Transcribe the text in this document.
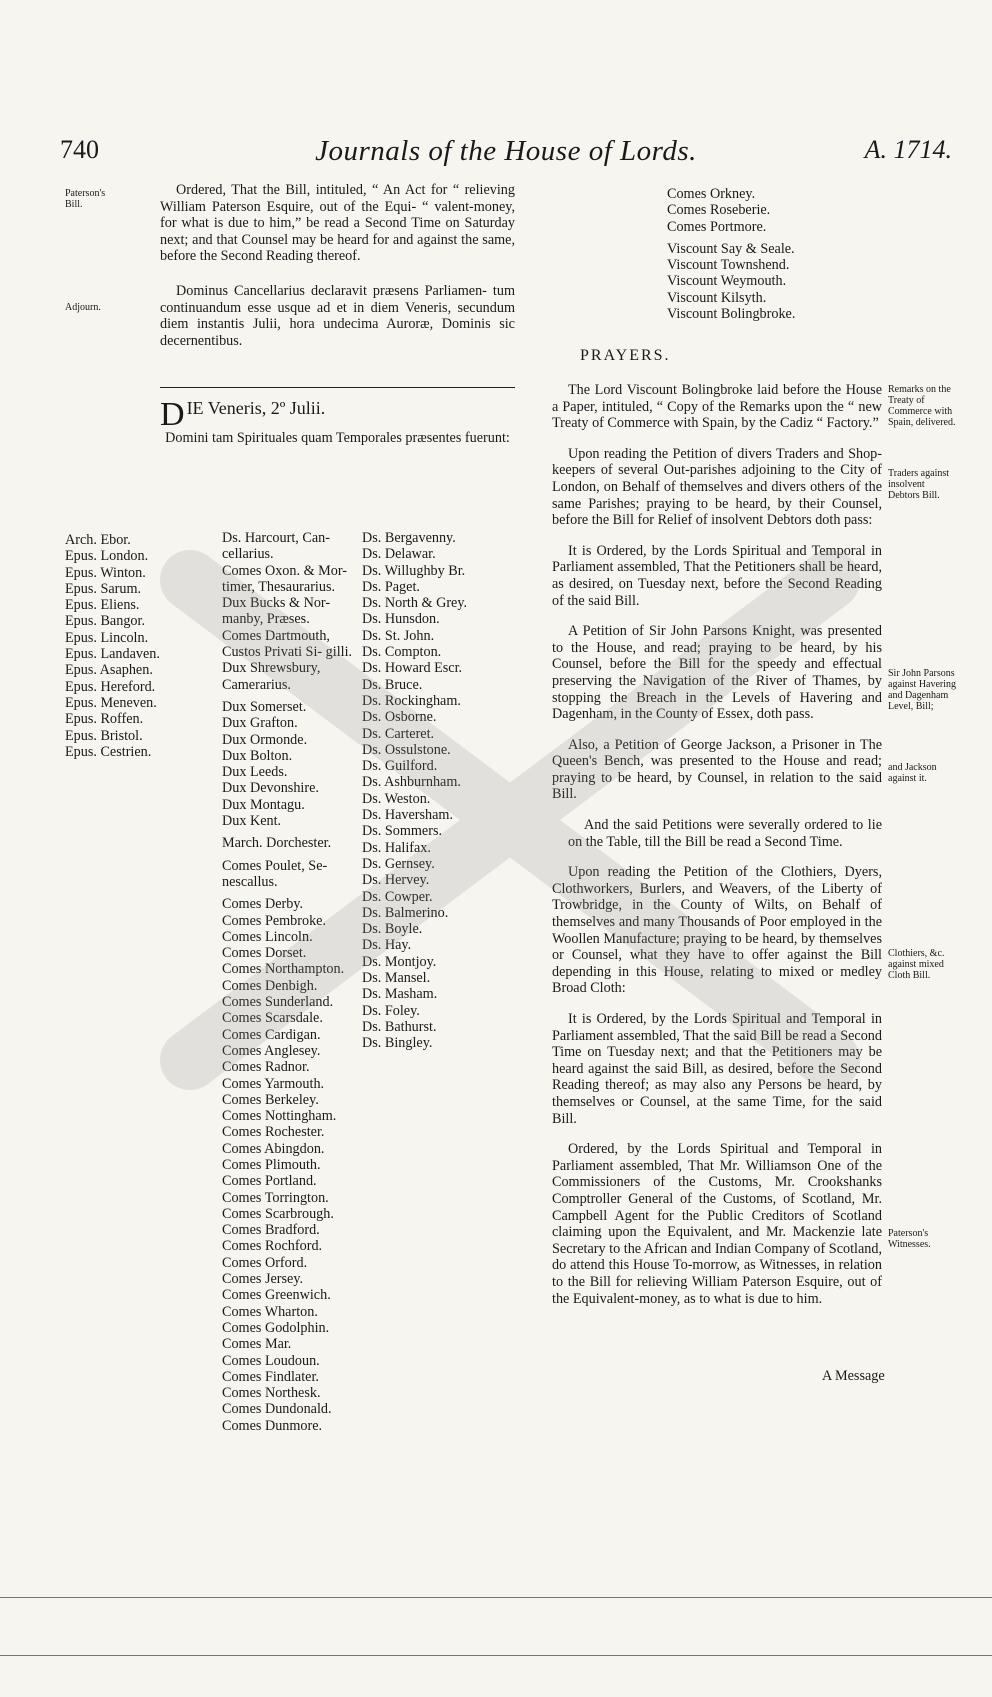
740	Journals of the House of Lords.	A. 1714.
Paterson's Bill.
Adjourn.

Ordered, That the Bill, intituled, “ An Act for “ relieving William Paterson Esquire, out of the Equi- “ valent-money, for what is due to him,” be read a Second Time on Saturday next; and that Counsel may be heard for and against the same, before the Second Reading thereof.

Dominus Cancellarius declaravit præsens Parliamen- tum continuandum esse usque ad et in diem Veneris, secundum diem instantis Julii, hora undecima Auroræ, Dominis sic decernentibus.

D IE Veneris, 2º Julii.

Domini tam Spirituales quam Temporales præsentes fuerunt:

Arch. Ebor.
Epus. London.
Epus. Winton.
Epus. Sarum.
Epus. Eliens.
Epus. Bangor.
Epus. Lincoln.
Epus. Landaven.
Epus. Asaphen.
Epus. Hereford.
Epus. Meneven.
Epus. Roffen.
Epus. Bristol.
Epus. Cestrien.
Ds. Harcourt, Can- cellarius.
Comes Oxon. & Mor- timer, Thesaurarius.
Dux Bucks & Nor- manby, Præses.
Comes Dartmouth, Custos Privati Si- gilli.
Dux Shrewsbury, Camerarius.
Dux Somerset.
Dux Grafton.
Dux Ormonde.
Dux Bolton.
Dux Leeds.
Dux Devonshire.
Dux Montagu.
Dux Kent.
March. Dorchester.
Comes Poulet, Se- nescallus.
Comes Derby.
Comes Pembroke.
Comes Lincoln.
Comes Dorset.
Comes Northampton.
Comes Denbigh.
Comes Sunderland.
Comes Scarsdale.
Comes Cardigan.
Comes Anglesey.
Comes Radnor.
Comes Yarmouth.
Comes Berkeley.
Comes Nottingham.
Comes Rochester.
Comes Abingdon.
Comes Plimouth.
Comes Portland.
Comes Torrington.
Comes Scarbrough.
Comes Bradford.
Comes Rochford.
Comes Orford.
Comes Jersey.
Comes Greenwich.
Comes Wharton.
Comes Godolphin.
Comes Mar.
Comes Loudoun.
Comes Findlater.
Comes Northesk.
Comes Dundonald.
Comes Dunmore.
Ds. Bergavenny.
Ds. Delawar.
Ds. Willughby Br.
Ds. Paget.
Ds. North & Grey.
Ds. Hunsdon.
Ds. St. John.
Ds. Compton.
Ds. Howard Escr.
Ds. Bruce.
Ds. Rockingham.
Ds. Osborne.
Ds. Carteret.
Ds. Ossulstone.
Ds. Guilford.
Ds. Ashburnham.
Ds. Weston.
Ds. Haversham.
Ds. Sommers.
Ds. Halifax.
Ds. Gernsey.
Ds. Hervey.
Ds. Cowper.
Ds. Balmerino.
Ds. Boyle.
Ds. Hay.
Ds. Montjoy.
Ds. Mansel.
Ds. Masham.
Ds. Foley.
Ds. Bathurst.
Ds. Bingley.
Comes Orkney.
Comes Roseberie.
Comes Portmore.
Viscount Say & Seale.
Viscount Townshend.
Viscount Weymouth.
Viscount Kilsyth.
Viscount Bolingbroke.
PRAYERS.

The Lord Viscount Bolingbroke laid before the House a Paper, intituled, “ Copy of the Remarks upon the “ new Treaty of Commerce with Spain, by the Cadiz “ Factory.”

Upon reading the Petition of divers Traders and Shop-keepers of several Out-parishes adjoining to the City of London, on Behalf of themselves and divers others of the same Parishes; praying to be heard, by their Counsel, before the Bill for Relief of insolvent Debtors doth pass:

It is Ordered, by the Lords Spiritual and Temporal in Parliament assembled, That the Petitioners shall be heard, as desired, on Tuesday next, before the Second Reading of the said Bill.

A Petition of Sir John Parsons Knight, was presented to the House, and read; praying to be heard, by his Counsel, before the Bill for the speedy and effectual preserving the Navigation of the River of Thames, by stopping the Breach in the Levels of Havering and Dagenham, in the County of Essex, doth pass.

Also, a Petition of George Jackson, a Prisoner in The Queen's Bench, was presented to the House and read; praying to be heard, by Counsel, in relation to the said Bill.

And the said Petitions were severally ordered to lie on the Table, till the Bill be read a Second Time.

Upon reading the Petition of the Clothiers, Dyers, Clothworkers, Burlers, and Weavers, of the Liberty of Trowbridge, in the County of Wilts, on Behalf of themselves and many Thousands of Poor employed in the Woollen Manufacture; praying to be heard, by themselves or Counsel, what they have to offer against the Bill depending in this House, relating to mixed or medley Broad Cloth:

It is Ordered, by the Lords Spiritual and Temporal in Parliament assembled, That the said Bill be read a Second Time on Tuesday next; and that the Petitioners may be heard against the said Bill, as desired, before the Second Reading thereof; as may also any Persons be heard, by themselves or Counsel, at the same Time, for the said Bill.

Ordered, by the Lords Spiritual and Temporal in Parliament assembled, That Mr. Williamson One of the Commissioners of the Customs, Mr. Crookshanks Comptroller General of the Customs, of Scotland, Mr. Campbell Agent for the Public Creditors of Scotland claiming upon the Equivalent, and Mr. Mackenzie late Secretary to the African and Indian Company of Scotland, do attend this House To-morrow, as Witnesses, in relation to the Bill for relieving William Paterson Esquire, out of the Equivalent-money, as to what is due to him.

Remarks on the Treaty of Commerce with Spain, delivered.
Traders against insolvent Debtors Bill.
Sir John Parsons against Havering and Dagenham Level, Bill;
and Jackson against it.
Clothiers, &c. against mixed Cloth Bill.
Paterson's Witnesses.
A Message
